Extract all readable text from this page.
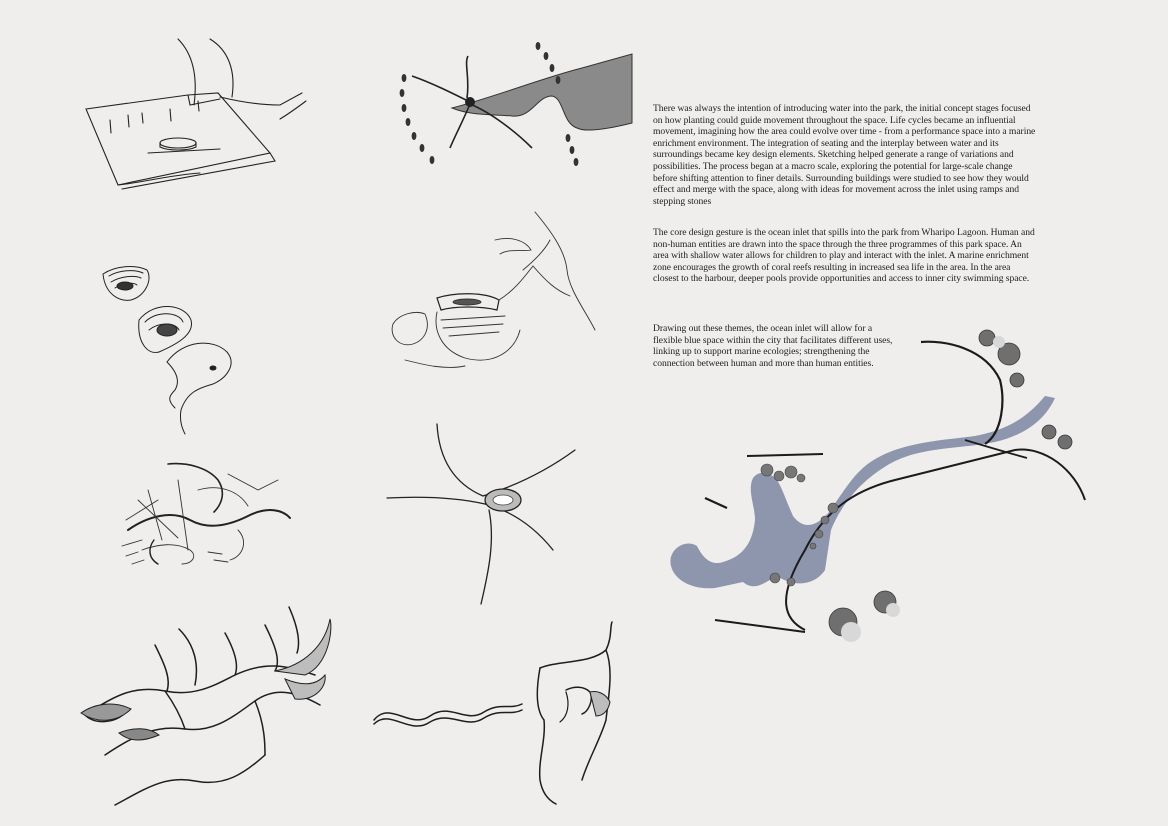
There was always the intention of introducing water into the park, the initial concept stages focused on how planting could guide movement throughout the space. Life cycles became an influential movement, imagining how the area could evolve over time - from a performance space into a marine enrichment environment. The integration of seating and the interplay between water and its surroundings became key design elements. Sketching helped generate a range of variations and possibilities. The process began at a macro scale, exploring the potential for large-scale change before shifting attention to finer details. Surrounding buildings were studied to see how they would effect and merge with the space, along with ideas for movement across the inlet using ramps and stepping stones

The core design gesture is the ocean inlet that spills into the park from Wharipo Lagoon. Human and non-human entities are drawn into the space through the three programmes of this park space. An area with shallow water allows for children to play and interact with the inlet. A marine enrichment zone encourages the growth of coral reefs resulting in increased sea life in the area. In the area closest to the harbour, deeper pools provide opportunities and access to inner city swimming space.

Drawing out these themes, the ocean inlet will allow for a flexible blue space within the city that facilitates different uses, linking up to support marine ecologies; strengthening the connection between human and more than human entities.
